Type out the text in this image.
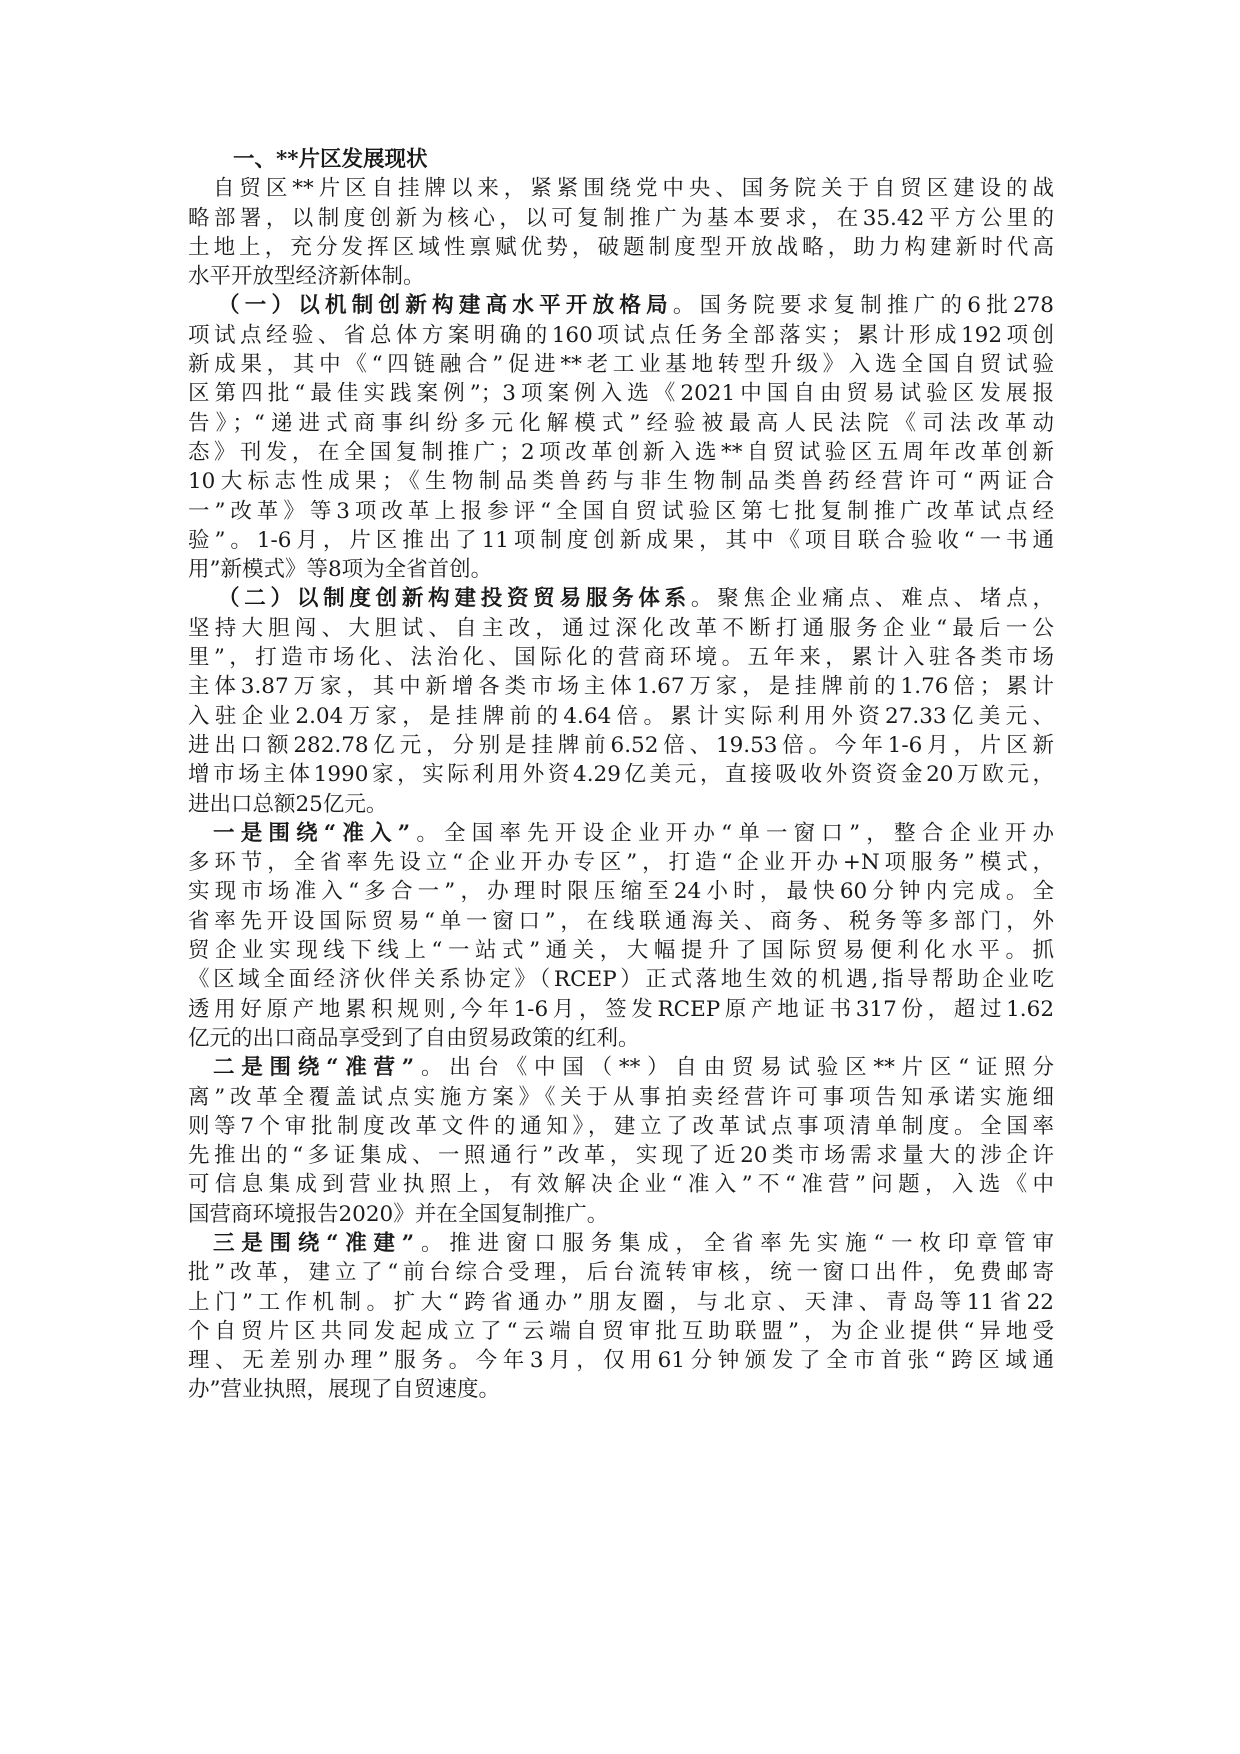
一、**片区发展现状
自贸区**片区自挂牌以来，紧紧围绕党中央、国务院关于自贸区建设的战
略部署，以制度创新为核心，以可复制推广为基本要求，在35.42平方公里的
土地上，充分发挥区域性禀赋优势，破题制度型开放战略，助力构建新时代高
水平开放型经济新体制。
（一）以机制创新构建高水平开放格局。国务院要求复制推广的6批278
项试点经验、省总体方案明确的160项试点任务全部落实；累计形成192项创
新成果，其中《“四链融合”促进**老工业基地转型升级》入选全国自贸试验
区第四批“最佳实践案例”；3项案例入选《2021中国自由贸易试验区发展报
告》；“递进式商事纠纷多元化解模式”经验被最高人民法院《司法改革动
态》刊发，在全国复制推广；2项改革创新入选**自贸试验区五周年改革创新
10大标志性成果；《生物制品类兽药与非生物制品类兽药经营许可“两证合
一”改革》等3项改革上报参评“全国自贸试验区第七批复制推广改革试点经
验”。1-6月，片区推出了11项制度创新成果，其中《项目联合验收“一书通
用”新模式》等8项为全省首创。
（二）以制度创新构建投资贸易服务体系。聚焦企业痛点、难点、堵点，
坚持大胆闯、大胆试、自主改，通过深化改革不断打通服务企业“最后一公
里”，打造市场化、法治化、国际化的营商环境。五年来，累计入驻各类市场
主体3.87万家，其中新增各类市场主体1.67万家，是挂牌前的1.76倍；累计
入驻企业2.04万家，是挂牌前的4.64倍。累计实际利用外资27.33亿美元、
进出口额282.78亿元，分别是挂牌前6.52倍、19.53倍。今年1-6月，片区新
增市场主体1990家，实际利用外资4.29亿美元，直接吸收外资资金20万欧元，
进出口总额25亿元。
一是围绕“准入”。全国率先开设企业开办“单一窗口”，整合企业开办
多环节，全省率先设立“企业开办专区”，打造“企业开办+N项服务”模式，
实现市场准入“多合一”，办理时限压缩至24小时，最快60分钟内完成。全
省率先开设国际贸易“单一窗口”，在线联通海关、商务、税务等多部门，外
贸企业实现线下线上“一站式”通关，大幅提升了国际贸易便利化水平。抓
《区域全面经济伙伴关系协定》（RCEP）正式落地生效的机遇,指导帮助企业吃
透用好原产地累积规则,今年1-6月，签发RCEP原产地证书317份，超过1.62
亿元的出口商品享受到了自由贸易政策的红利。
二是围绕“准营”。出台《中国（**）自由贸易试验区**片区“证照分
离”改革全覆盖试点实施方案》《关于从事拍卖经营许可事项告知承诺实施细
则等7个审批制度改革文件的通知》，建立了改革试点事项清单制度。全国率
先推出的“多证集成、一照通行”改革，实现了近20类市场需求量大的涉企许
可信息集成到营业执照上，有效解决企业“准入”不“准营”问题，入选《中
国营商环境报告2020》并在全国复制推广。
三是围绕“准建”。推进窗口服务集成，全省率先实施“一枚印章管审
批”改革，建立了“前台综合受理，后台流转审核，统一窗口出件，免费邮寄
上门”工作机制。扩大“跨省通办”朋友圈，与北京、天津、青岛等11省22
个自贸片区共同发起成立了“云端自贸审批互助联盟”，为企业提供“异地受
理、无差别办理”服务。今年3月，仅用61分钟颁发了全市首张“跨区域通
办”营业执照，展现了自贸速度。
